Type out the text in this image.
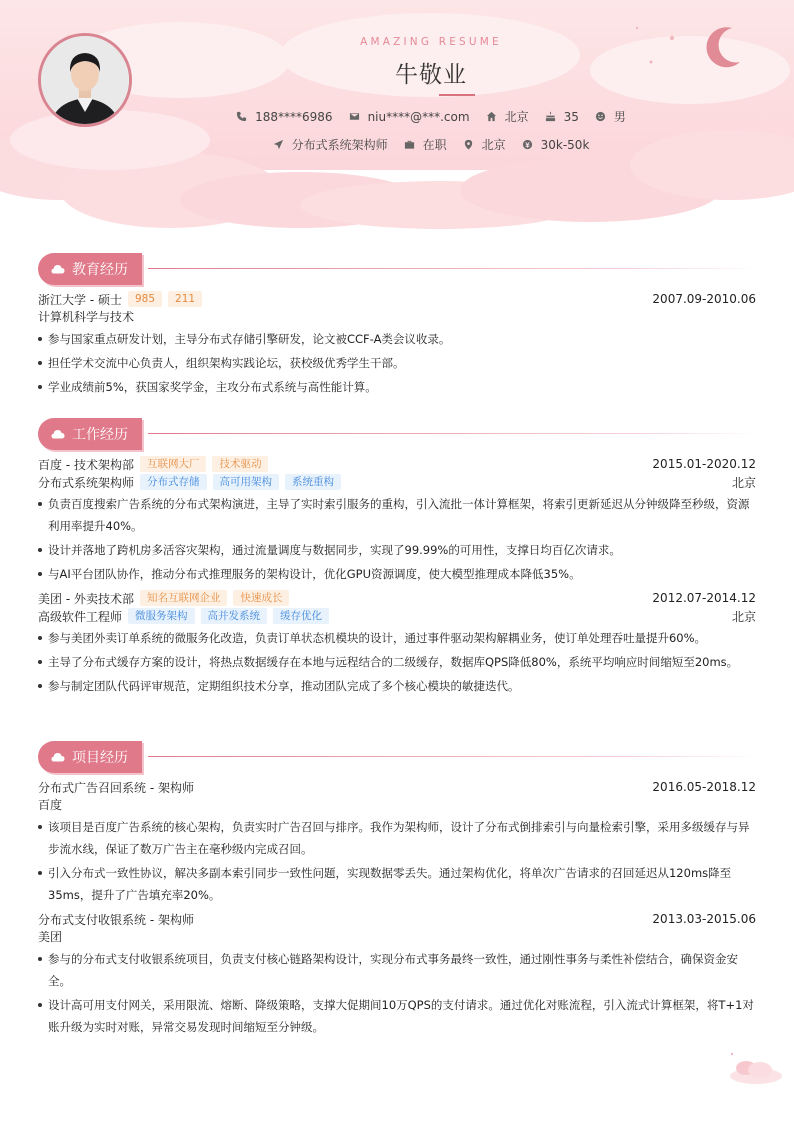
AMAZING RESUME
牛敬业
188****6986	niu****@***.com	北京	35	男
分布式系统架构师	在职	北京	30k-50k
教育经历
浙江大学 - 硕士	985	211	2007.09-2010.06
计算机科学与技术
参与国家重点研发计划，主导分布式存储引擎研发，论文被CCF-A类会议收录。
担任学术交流中心负责人，组织架构实践论坛，获校级优秀学生干部。
学业成绩前5%，获国家奖学金，主攻分布式系统与高性能计算。
工作经历
百度 - 技术架构部	互联网大厂	技术驱动	2015.01-2020.12
分布式系统架构师	分布式存储	高可用架构	系统重构	北京
负责百度搜索广告系统的分布式架构演进，主导了实时索引服务的重构，引入流批一体计算框架，将索引更新延迟从分钟级降至秒级，资源利用率提升40%。
设计并落地了跨机房多活容灾架构，通过流量调度与数据同步，实现了99.99%的可用性，支撑日均百亿次请求。
与AI平台团队协作，推动分布式推理服务的架构设计，优化GPU资源调度，使大模型推理成本降低35%。
美团 - 外卖技术部	知名互联网企业	快速成长	2012.07-2014.12
高级软件工程师	微服务架构	高并发系统	缓存优化	北京
参与美团外卖订单系统的微服务化改造，负责订单状态机模块的设计，通过事件驱动架构解耦业务，使订单处理吞吐量提升60%。
主导了分布式缓存方案的设计，将热点数据缓存在本地与远程结合的二级缓存，数据库QPS降低80%，系统平均响应时间缩短至20ms。
参与制定团队代码评审规范，定期组织技术分享，推动团队完成了多个核心模块的敏捷迭代。
项目经历
分布式广告召回系统 - 架构师	2016.05-2018.12
百度
该项目是百度广告系统的核心架构，负责实时广告召回与排序。我作为架构师，设计了分布式倒排索引与向量检索引擎，采用多级缓存与异步流水线，保证了数万广告主在毫秒级内完成召回。
引入分布式一致性协议，解决多副本索引同步一致性问题，实现数据零丢失。通过架构优化，将单次广告请求的召回延迟从120ms降至35ms，提升了广告填充率20%。
分布式支付收银系统 - 架构师	2013.03-2015.06
美团
参与的分布式支付收银系统项目，负责支付核心链路架构设计，实现分布式事务最终一致性，通过刚性事务与柔性补偿结合，确保资金安全。
设计高可用支付网关，采用限流、熔断、降级策略，支撑大促期间10万QPS的支付请求。通过优化对账流程，引入流式计算框架，将T+1对账升级为实时对账，异常交易发现时间缩短至分钟级。
